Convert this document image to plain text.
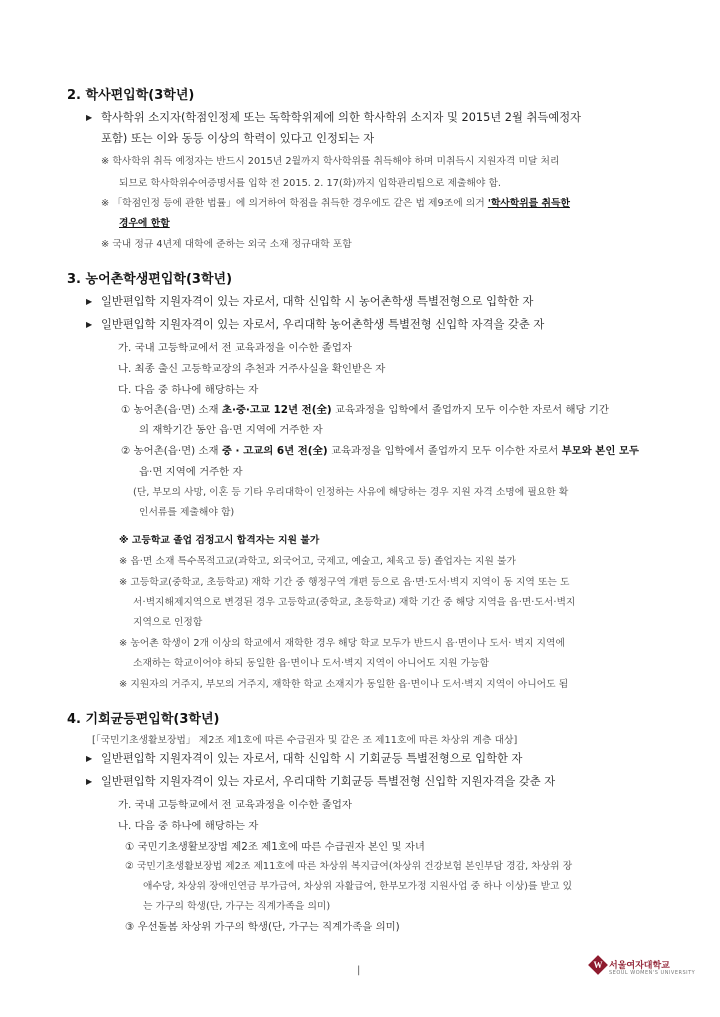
2. 학사편입학(3학년)
▶ 학사학위 소지자(학점인정제 또는 독학학위제에 의한 학사학위 소지자 및 2015년 2월 취득예정자
포함) 또는 이와 동등 이상의 학력이 있다고 인정되는 자
※ 학사학위 취득 예정자는 반드시 2015년 2월까지 학사학위를 취득해야 하며 미취득시 지원자격 미달 처리
되므로 학사학위수여증명서를 입학 전 2015. 2. 17(화)까지 입학관리팀으로 제출해야 함.
※ 「학점인정 등에 관한 법률」에 의거하여 학점을 취득한 경우에도 같은 법 제9조에 의거 '학사학위를 취득한
경우에 한함
※ 국내 정규 4년제 대학에 준하는 외국 소재 정규대학 포함
3. 농어촌학생편입학(3학년)
▶ 일반편입학 지원자격이 있는 자로서, 대학 신입학 시 농어촌학생 특별전형으로 입학한 자
▶ 일반편입학 지원자격이 있는 자로서, 우리대학 농어촌학생 특별전형 신입학 자격을 갖춘 자
가. 국내 고등학교에서 전 교육과정을 이수한 졸업자
나. 최종 출신 고등학교장의 추천과 거주사실을 확인받은 자
다. 다음 중 하나에 해당하는 자
① 농어촌(읍·면) 소재 초·중·고교 12년 전(全) 교육과정을 입학에서 졸업까지 모두 이수한 자로서 해당 기간
의 재학기간 동안 읍·면 지역에 거주한 자
② 농어촌(읍·면) 소재 중 · 고교의 6년 전(全) 교육과정을 입학에서 졸업까지 모두 이수한 자로서 부모와 본인 모두
읍·면 지역에 거주한 자
(단, 부모의 사망, 이혼 등 기타 우리대학이 인정하는 사유에 해당하는 경우 지원 자격 소명에 필요한 확
인서류를 제출해야 함)
※ 고등학교 졸업 검정고시 합격자는 지원 불가
※ 읍·면 소재 특수목적고교(과학고, 외국어고, 국제고, 예술고, 체육고 등) 졸업자는 지원 불가
※ 고등학교(중학교, 초등학교) 재학 기간 중 행정구역 개편 등으로 읍·면·도서·벽지 지역이 동 지역 또는 도
서·벽지해제지역으로 변경된 경우 고등학교(중학교, 초등학교) 재학 기간 중 해당 지역을 읍·면·도서·벽지
지역으로 인정함
※ 농어촌 학생이 2개 이상의 학교에서 재학한 경우 해당 학교 모두가 반드시 읍·면이나 도서· 벽지 지역에
소재하는 학교이어야 하되 동일한 읍·면이나 도서·벽지 지역이 아니어도 지원 가능함
※ 지원자의 거주지, 부모의 거주지, 재학한 학교 소재지가 동일한 읍·면이나 도서·벽지 지역이 아니어도 됨
4. 기회균등편입학(3학년)
[「국민기초생활보장법」 제2조 제1호에 따른 수급권자 및 같은 조 제11호에 따른 차상위 계층 대상]
▶ 일반편입학 지원자격이 있는 자로서, 대학 신입학 시 기회균등 특별전형으로 입학한 자
▶ 일반편입학 지원자격이 있는 자로서, 우리대학 기회균등 특별전형 신입학 지원자격을 갖춘 자
가. 국내 고등학교에서 전 교육과정을 이수한 졸업자
나. 다음 중 하나에 해당하는 자
① 국민기초생활보장법 제2조 제1호에 따른 수급권자 본인 및 자녀
② 국민기초생활보장법 제2조 제11호에 따른 차상위 복지급여(차상위 건강보험 본인부담 경감, 차상위 장
애수당, 차상위 장애인연금 부가급여, 차상위 자활급여, 한부모가정 지원사업 중 하나 이상)를 받고 있
는 가구의 학생(단, 가구는 직계가족을 의미)
③ 우선돌봄 차상위 가구의 학생(단, 가구는 직계가족을 의미)
|	W 서울여자대학교
SEOUL WOMEN'S UNIVERSITY
